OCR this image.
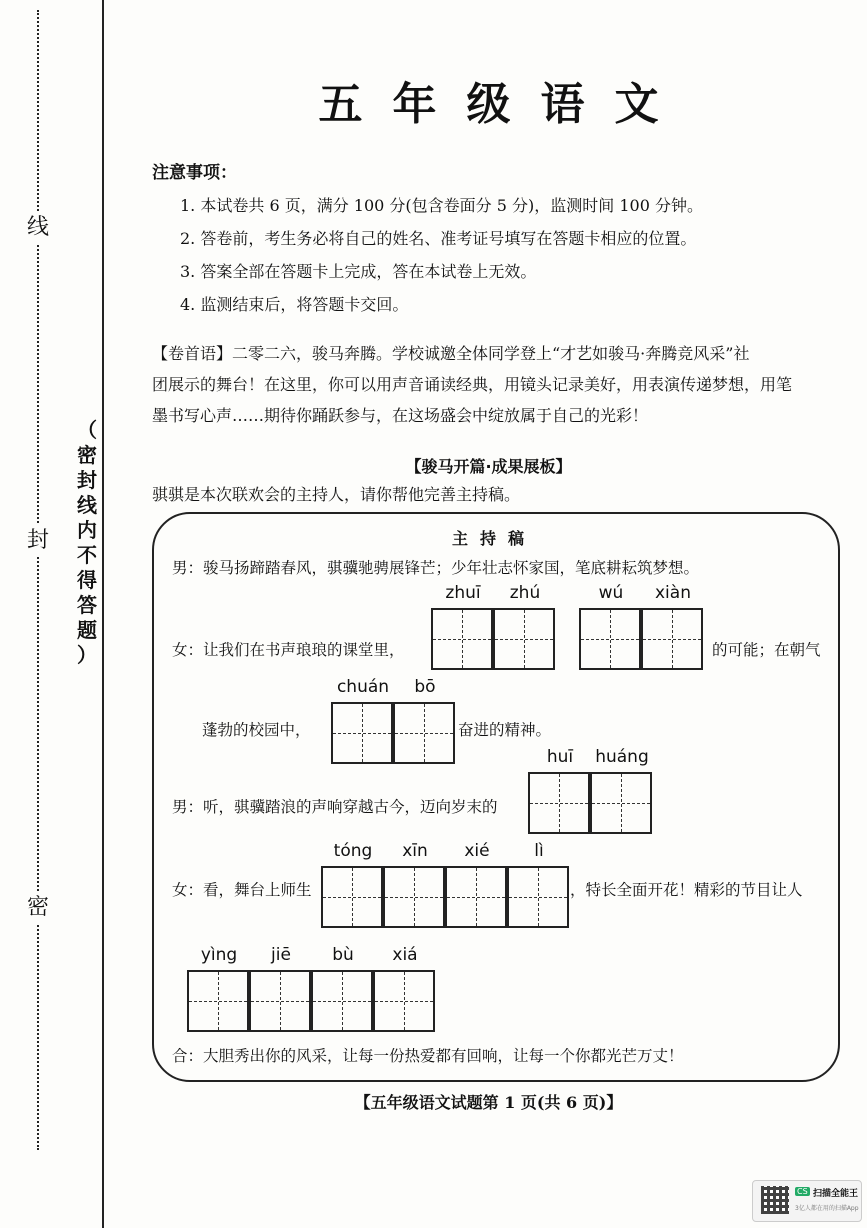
线
封
密
（
密
封
线
内
不
得
答
题
）
五年级语文
注意事项：
1. 本试卷共 6 页，满分 100 分(包含卷面分 5 分)，监测时间 100 分钟。
2. 答卷前，考生务必将自己的姓名、准考证号填写在答题卡相应的位置。
3. 答案全部在答题卡上完成，答在本试卷上无效。
4. 监测结束后，将答题卡交回。
【卷首语】二零二六，骏马奔腾。学校诚邀全体同学登上“才艺如骏马·奔腾竞风采”社
团展示的舞台！在这里，你可以用声音诵读经典，用镜头记录美好，用表演传递梦想，用笔
墨书写心声……期待你踊跃参与，在这场盛会中绽放属于自己的光彩！
【骏马开篇·成果展板】
骐骐是本次联欢会的主持人，请你帮他完善主持稿。
主持稿
男：骏马扬蹄踏春风，骐骥驰骋展锋芒；少年壮志怀家国，笔底耕耘筑梦想。
女：让我们在书声琅琅的课堂里，	的可能；在朝气
蓬勃的校园中，	奋进的精神。
男：听，骐骥踏浪的声响穿越古今，迈向岁末的
女：看，舞台上师生	，特长全面开花！精彩的节目让人
合：大胆秀出你的风采，让每一份热爱都有回响，让每一个你都光芒万丈！
zhuī	zhú	wú	xiàn
chuán	bō
huī	huáng
tóng	xīn	xié	lì
yìng	jiē	bù	xiá
【五年级语文试题第 1 页(共 6 页)】
CS 扫描全能王
3亿人都在用的扫描App
